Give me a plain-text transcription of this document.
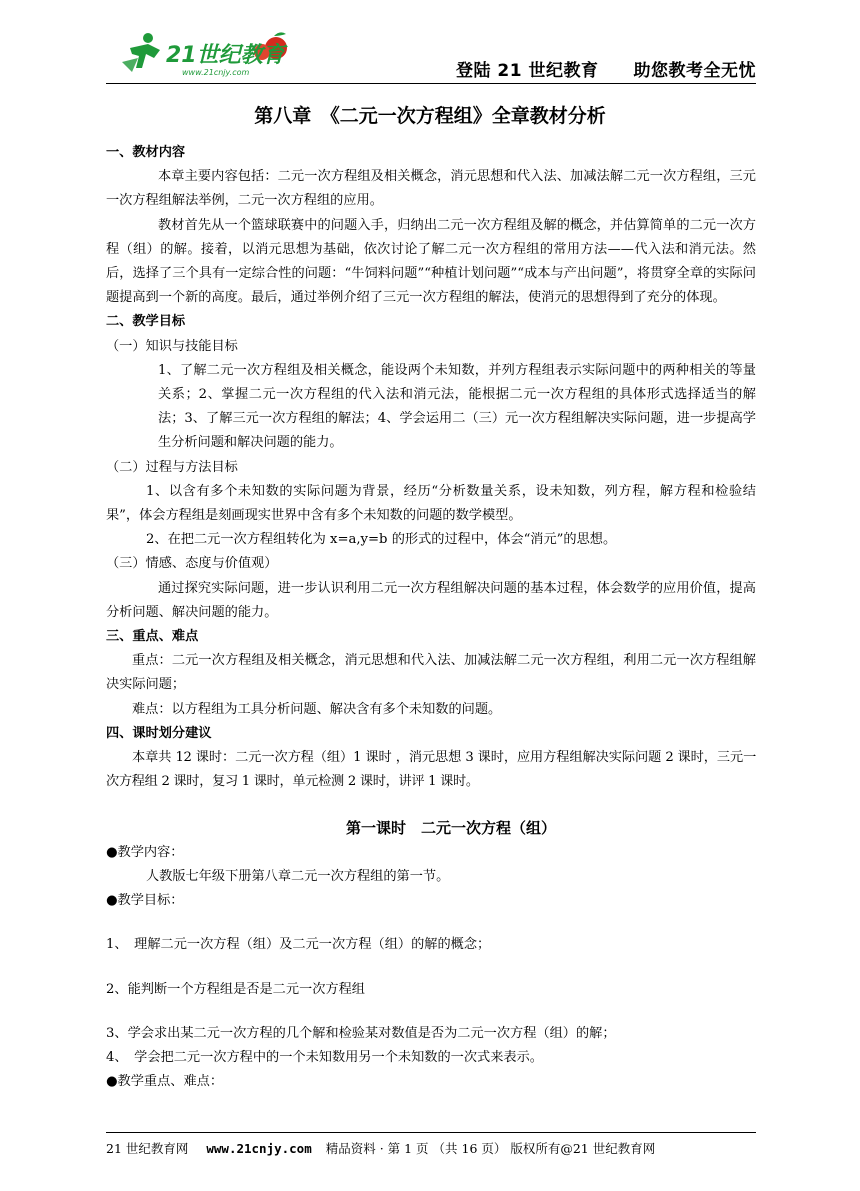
21世纪教育
www.21cnjy.com	登陆 21 世纪教育　　助您教考全无忧
第八章　《二元一次方程组》全章教材分析

一、教材内容

本章主要内容包括：二元一次方程组及相关概念，消元思想和代入法、加减法解二元一次方程组，三元一次方程组解法举例，二元一次方程组的应用。

教材首先从一个篮球联赛中的问题入手，归纳出二元一次方程组及解的概念，并估算简单的二元一次方程（组）的解。接着，以消元思想为基础，依次讨论了解二元一次方程组的常用方法——代入法和消元法。然后，选择了三个具有一定综合性的问题：“牛饲料问题”“种植计划问题”“成本与产出问题”，将贯穿全章的实际问题提高到一个新的高度。最后，通过举例介绍了三元一次方程组的解法，使消元的思想得到了充分的体现。

二、教学目标

（一）知识与技能目标

1、了解二元一次方程组及相关概念，能设两个未知数，并列方程组表示实际问题中的两种相关的等量关系；2、掌握二元一次方程组的代入法和消元法，能根据二元一次方程组的具体形式选择适当的解法；3、了解三元一次方程组的解法；4、学会运用二（三）元一次方程组解决实际问题，进一步提高学生分析问题和解决问题的能力。

（二）过程与方法目标

1、以含有多个未知数的实际问题为背景，经历“分析数量关系，设未知数，列方程，解方程和检验结果”，体会方程组是刻画现实世界中含有多个未知数的问题的数学模型。

2、在把二元一次方程组转化为 x=a,y=b 的形式的过程中，体会“消元”的思想。

（三）情感、态度与价值观）

通过探究实际问题，进一步认识利用二元一次方程组解决问题的基本过程，体会数学的应用价值，提高分析问题、解决问题的能力。

三、重点、难点

重点：二元一次方程组及相关概念，消元思想和代入法、加减法解二元一次方程组，利用二元一次方程组解决实际问题；

难点：以方程组为工具分析问题、解决含有多个未知数的问题。

四、课时划分建议

本章共 12 课时：二元一次方程（组）1 课时 ，消元思想 3 课时，应用方程组解决实际问题 2 课时，三元一次方程组 2 课时，复习 1 课时，单元检测 2 课时，讲评 1 课时。

第一课时　二元一次方程（组）

●教学内容：

人教版七年级下册第八章二元一次方程组的第一节。

●教学目标：

1、　理解二元一次方程（组）及二元一次方程（组）的解的概念；

2、能判断一个方程组是否是二元一次方程组

3、学会求出某二元一次方程的几个解和检验某对数值是否为二元一次方程（组）的解；

4、　学会把二元一次方程中的一个未知数用另一个未知数的一次式来表示。

●教学重点、难点：

21 世纪教育网 www.21cnjy.com 精品资料 · 第 1 页 （共 16 页） 版权所有@21 世纪教育网
